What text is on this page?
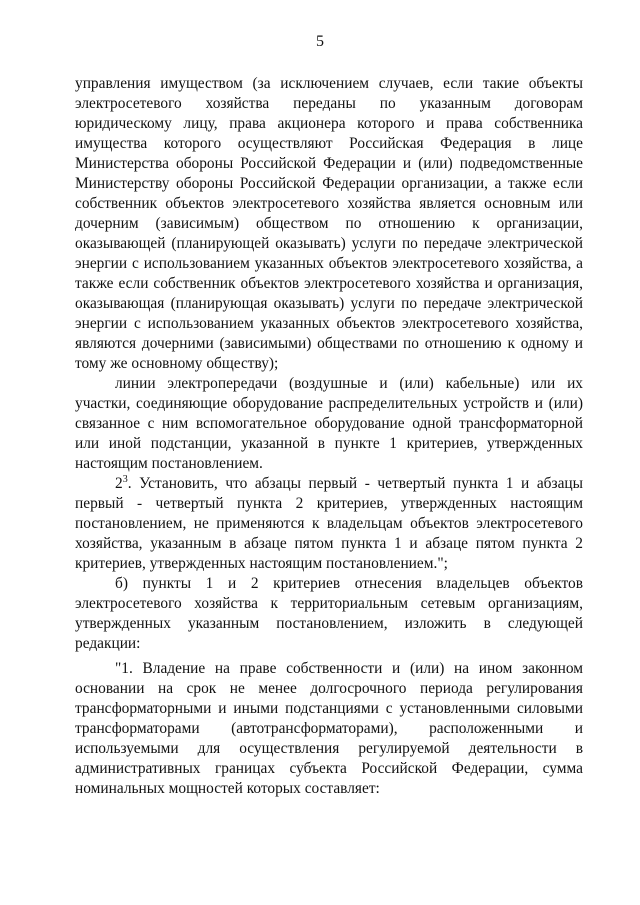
5

управления имуществом (за исключением случаев, если такие объекты электросетевого хозяйства переданы по указанным договорам юридическому лицу, права акционера которого и права собственника имущества которого осуществляют Российская Федерация в лице Министерства обороны Российской Федерации и (или) подведомственные Министерству обороны Российской Федерации организации, а также если собственник объектов электросетевого хозяйства является основным или дочерним (зависимым) обществом по отношению к организации, оказывающей (планирующей оказывать) услуги по передаче электрической энергии с использованием указанных объектов электросетевого хозяйства, а также если собственник объектов электросетевого хозяйства и организация, оказывающая (планирующая оказывать) услуги по передаче электрической энергии с использованием указанных объектов электросетевого хозяйства, являются дочерними (зависимыми) обществами по отношению к одному и тому же основному обществу);

линии электропередачи (воздушные и (или) кабельные) или их участки, соединяющие оборудование распределительных устройств и (или) связанное с ним вспомогательное оборудование одной трансформаторной или иной подстанции, указанной в пункте 1 критериев, утвержденных настоящим постановлением.

$2^3$. Установить, что абзацы первый - четвертый пункта 1 и абзацы первый - четвертый пункта 2 критериев, утвержденных настоящим постановлением, не применяются к владельцам объектов электросетевого хозяйства, указанным в абзаце пятом пункта 1 и абзаце пятом пункта 2 критериев, утвержденных настоящим постановлением.";

б) пункты 1 и 2 критериев отнесения владельцев объектов электросетевого хозяйства к территориальным сетевым организациям, утвержденных указанным постановлением, изложить в следующей редакции:

"1. Владение на праве собственности и (или) на ином законном основании на срок не менее долгосрочного периода регулирования трансформаторными и иными подстанциями с установленными силовыми трансформаторами (автотрансформаторами), расположенными и используемыми для осуществления регулируемой деятельности в административных границах субъекта Российской Федерации, сумма номинальных мощностей которых составляет:
